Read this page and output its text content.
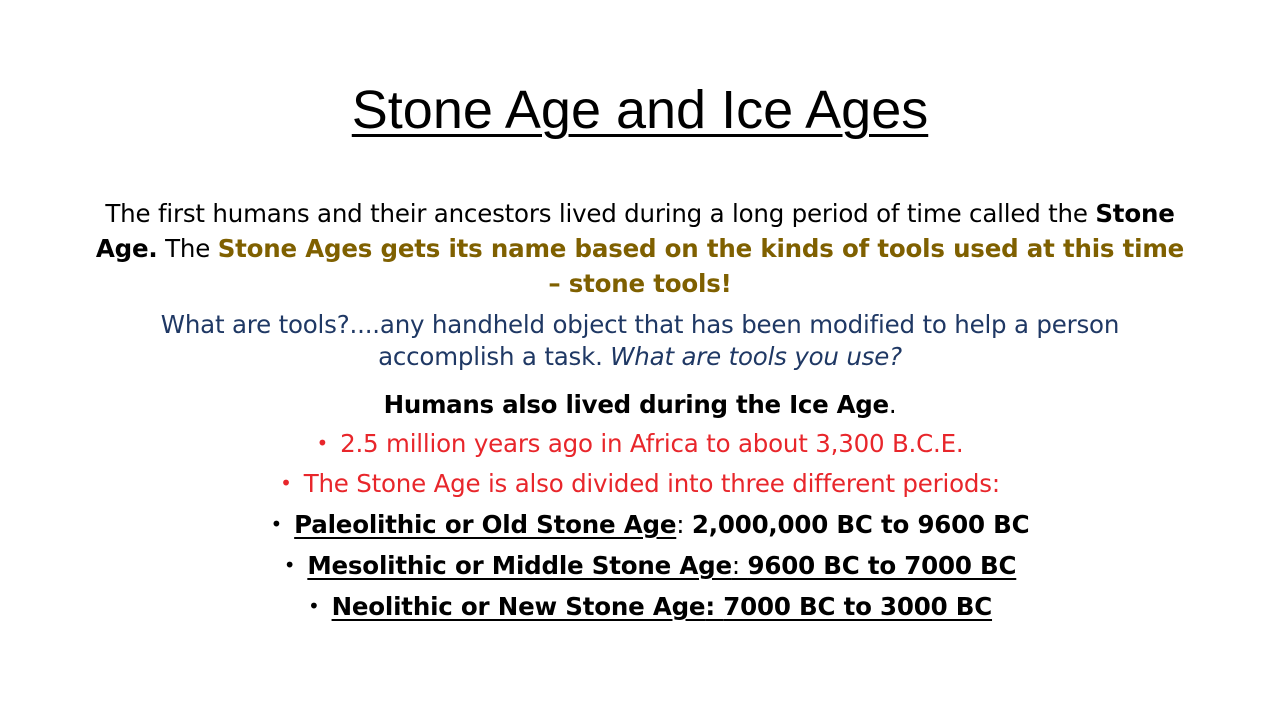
Stone Age and Ice Ages
The first humans and their ancestors lived during a long period of time called the Stone Age. The Stone Ages gets its name based on the kinds of tools used at this time – stone tools!
What are tools?....any handheld object that has been modified to help a person accomplish a task. What are tools you use?
Humans also lived during the Ice Age.
• 2.5 million years ago in Africa to about 3,300 B.C.E.
• The Stone Age is also divided into three different periods:
• Paleolithic or Old Stone Age: 2,000,000 BC to 9600 BC
• Mesolithic or Middle Stone Age: 9600 BC to 7000 BC
• Neolithic or New Stone Age: 7000 BC to 3000 BC
